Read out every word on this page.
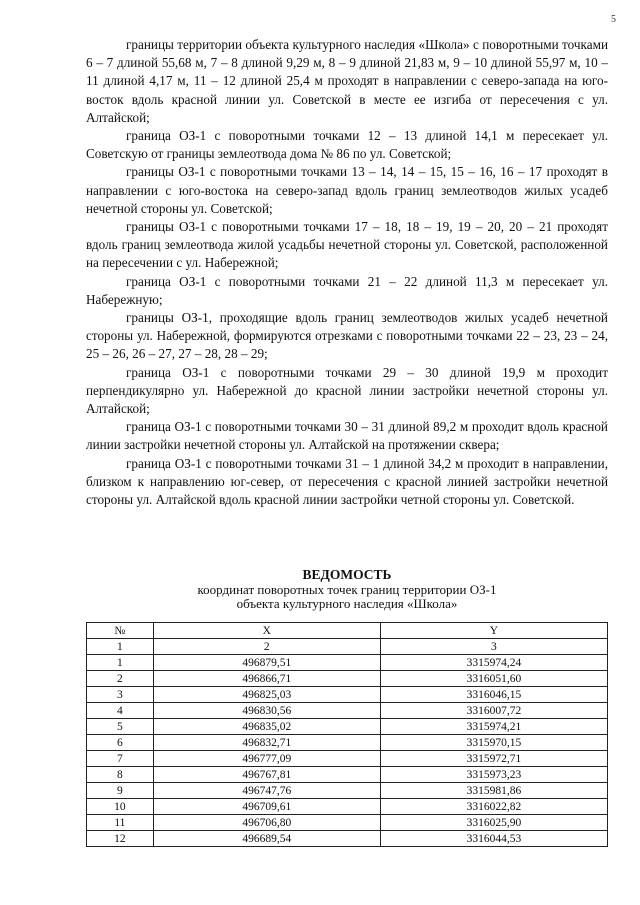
5

границы территории объекта культурного наследия «Школа» с поворотными точками 6 – 7 длиной 55,68 м, 7 – 8 длиной 9,29 м, 8 – 9 длиной 21,83 м, 9 – 10 длиной 55,97 м, 10 – 11 длиной 4,17 м, 11 – 12 длиной 25,4 м проходят в направлении с северо-запада на юго-восток вдоль красной линии ул. Советской в месте ее изгиба от пересечения с ул. Алтайской;

граница ОЗ-1 с поворотными точками 12 – 13 длиной 14,1 м пересекает ул. Советскую от границы землеотвода дома № 86 по ул. Советской;

границы ОЗ-1 с поворотными точками 13 – 14, 14 – 15, 15 – 16, 16 – 17 проходят в направлении с юго-востока на северо-запад вдоль границ землеотводов жилых усадеб нечетной стороны ул. Советской;

границы ОЗ-1 с поворотными точками 17 – 18, 18 – 19, 19 – 20, 20 – 21 проходят вдоль границ землеотвода жилой усадьбы нечетной стороны ул. Советской, расположенной на пересечении с ул. Набережной;

граница ОЗ-1 с поворотными точками 21 – 22 длиной 11,3 м пересекает ул. Набережную;

границы ОЗ-1, проходящие вдоль границ землеотводов жилых усадеб нечетной стороны ул. Набережной, формируются отрезками с поворотными точками 22 – 23, 23 – 24, 25 – 26, 26 – 27, 27 – 28, 28 – 29;

граница ОЗ-1 с поворотными точками 29 – 30 длиной 19,9 м проходит перпендикулярно ул. Набережной до красной линии застройки нечетной стороны ул. Алтайской;

граница ОЗ-1 с поворотными точками 30 – 31 длиной 89,2 м проходит вдоль красной линии застройки нечетной стороны ул. Алтайской на протяжении сквера;

граница ОЗ-1 с поворотными точками 31 – 1 длиной 34,2 м проходит в направлении, близком к направлению юг-север, от пересечения с красной линией застройки нечетной стороны ул. Алтайской вдоль красной линии застройки четной стороны ул. Советской.

ВЕДОМОСТЬ
координат поворотных точек границ территории ОЗ-1
объекта культурного наследия «Школа»
№	X	Y
1	2	3
1	496879,51	3315974,24
2	496866,71	3316051,60
3	496825,03	3316046,15
4	496830,56	3316007,72
5	496835,02	3315974,21
6	496832,71	3315970,15
7	496777,09	3315972,71
8	496767,81	3315973,23
9	496747,76	3315981,86
10	496709,61	3316022,82
11	496706,80	3316025,90
12	496689,54	3316044,53
